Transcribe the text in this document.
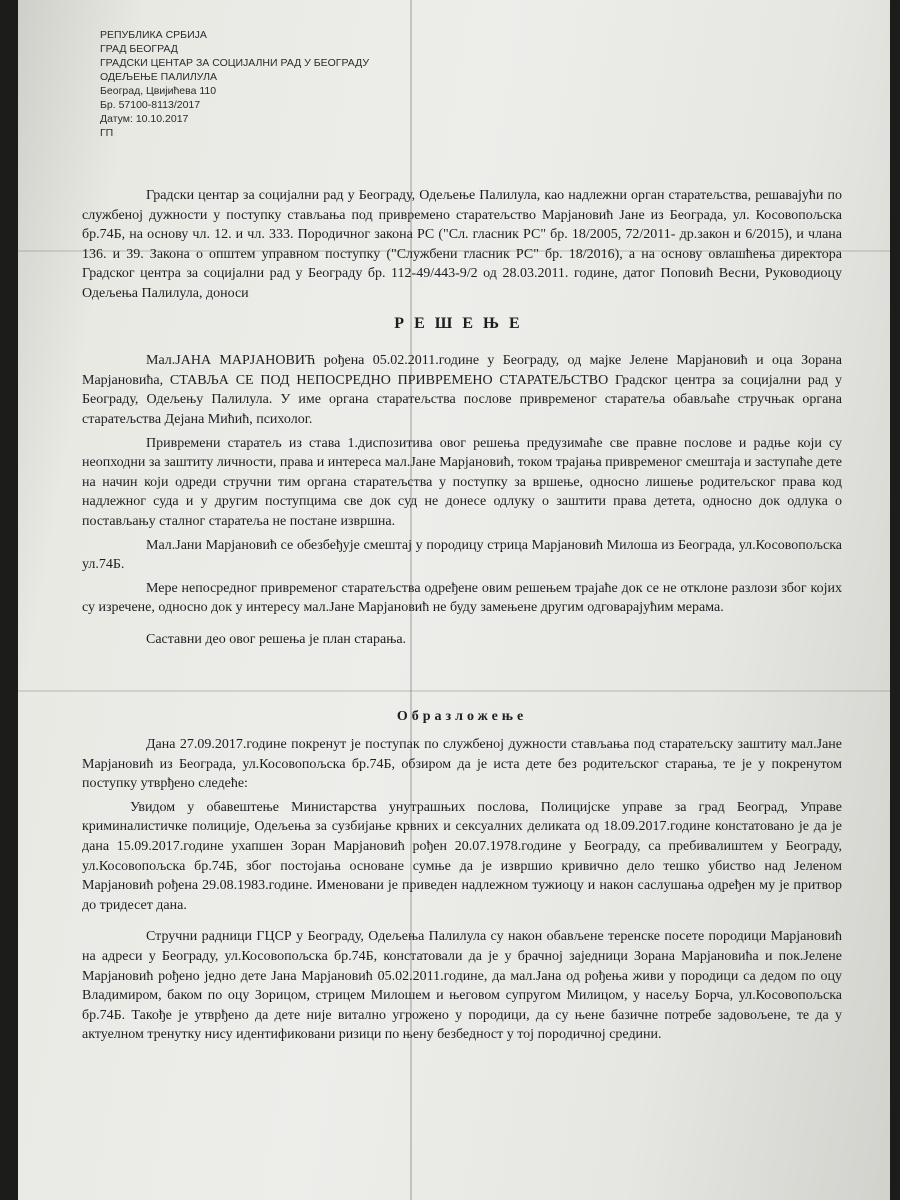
РЕПУБЛИКА СРБИЈА
ГРАД БЕОГРАД
ГРАДСКИ ЦЕНТАР ЗА СОЦИЈАЛНИ РАД У БЕОГРАДУ
ОДЕЉЕЊЕ ПАЛИЛУЛА
Београд, Цвијићева 110
Бр. 57100-8113/2017
Датум: 10.10.2017
ГП

Градски центар за социјални рад у Београду, Одељење Палилула, као надлежни орган старатељства, решавајући по службеној дужности у поступку стављања под привремено старатељство Марјановић Јане из Београда, ул. Косовопољска бр.74Б, на основу чл. 12. и чл. 333. Породичног закона РС ("Сл. гласник РС" бр. 18/2005, 72/2011- др.закон и 6/2015), и члана 136. и 39. Закона о општем управном поступку ("Службени гласник РС" бр. 18/2016), а на основу овлашћења директора Градског центра за социјални рад у Београду бр. 112-49/443-9/2 од 28.03.2011. године, датог Поповић Весни, Руководиоцу Одељења Палилула, доноси

РЕШЕЊЕ

Мал.ЈАНА МАРЈАНОВИЋ рођена 05.02.2011.године у Београду, од мајке Јелене Марјановић и оца Зорана Марјановића, СТАВЉА СЕ ПОД НЕПОСРЕДНО ПРИВРЕМЕНО СТАРАТЕЉСТВО Градског центра за социјални рад у Београду, Одељењу Палилула. У име органа старатељства послове привременог старатеља обављаће стручњак органа старатељства Дејана Мићић, психолог.

Привремени старатељ из става 1.диспозитива овог решења предузимаће све правне послове и радње који су неопходни за заштиту личности, права и интереса мал.Јане Марјановић, током трајања привременог смештаја и заступаће дете на начин који одреди стручни тим органа старатељства у поступку за вршење, односно лишење родитељског права код надлежног суда и у другим поступцима све док суд не донесе одлуку о заштити права детета, односно док одлука о постављању сталног старатеља не постане извршна.

Мал.Јани Марјановић се обезбеђује смештај у породицу стрица Марјановић Милоша из Београда, ул.Косовопољска ул.74Б.

Мере непосредног привременог старатељства одређене овим решењем трајаће док се не отклоне разлози због којих су изречене, односно док у интересу мал.Јане Марјановић не буду замењене другим одговарајућим мерама.

Саставни део овог решења је план старања.

Образложење

Дана 27.09.2017.године покренут је поступак по службеној дужности стављања под старатељску заштиту мал.Јане Марјановић из Београда, ул.Косовопољска бр.74Б, обзиром да је иста дете без родитељског старања, те је у покренутом поступку утврђено следеће:

Увидом у обавештење Министарства унутрашњих послова, Полицијске управе за град Београд, Управе криминалистичке полиције, Одељења за сузбијање крвних и сексуалних деликата од 18.09.2017.године констатовано је да је дана 15.09.2017.године ухапшен Зоран Марјановић рођен 20.07.1978.године у Београду, са пребивалиштем у Београду, ул.Косовопољска бр.74Б, због постојања основане сумње да је извршио кривично дело тешко убиство над Јеленом Марјановић рођена 29.08.1983.године. Именовани је приведен надлежном тужиоцу и након саслушања одређен му је притвор до тридесет дана.

Стручни радници ГЦСР у Београду, Одељења Палилула су након обављене теренске посете породици Марјановић на адреси у Београду, ул.Косовопољска бр.74Б, констатовали да је у брачној заједници Зорана Марјановића и пок.Јелене Марјановић рођено једно дете Јана Марјановић 05.02.2011.године, да мал.Јана од рођења живи у породици са дедом по оцу Владимиром, баком по оцу Зорицом, стрицем Милошем и његовом супругом Милицом, у насељу Борча, ул.Косовопољска бр.74Б. Такође је утврђено да дете није витално угрожено у породици, да су њене базичне потребе задовољене, те да у актуелном тренутку нису идентификовани ризици по њену безбедност у тој породичној средини.
